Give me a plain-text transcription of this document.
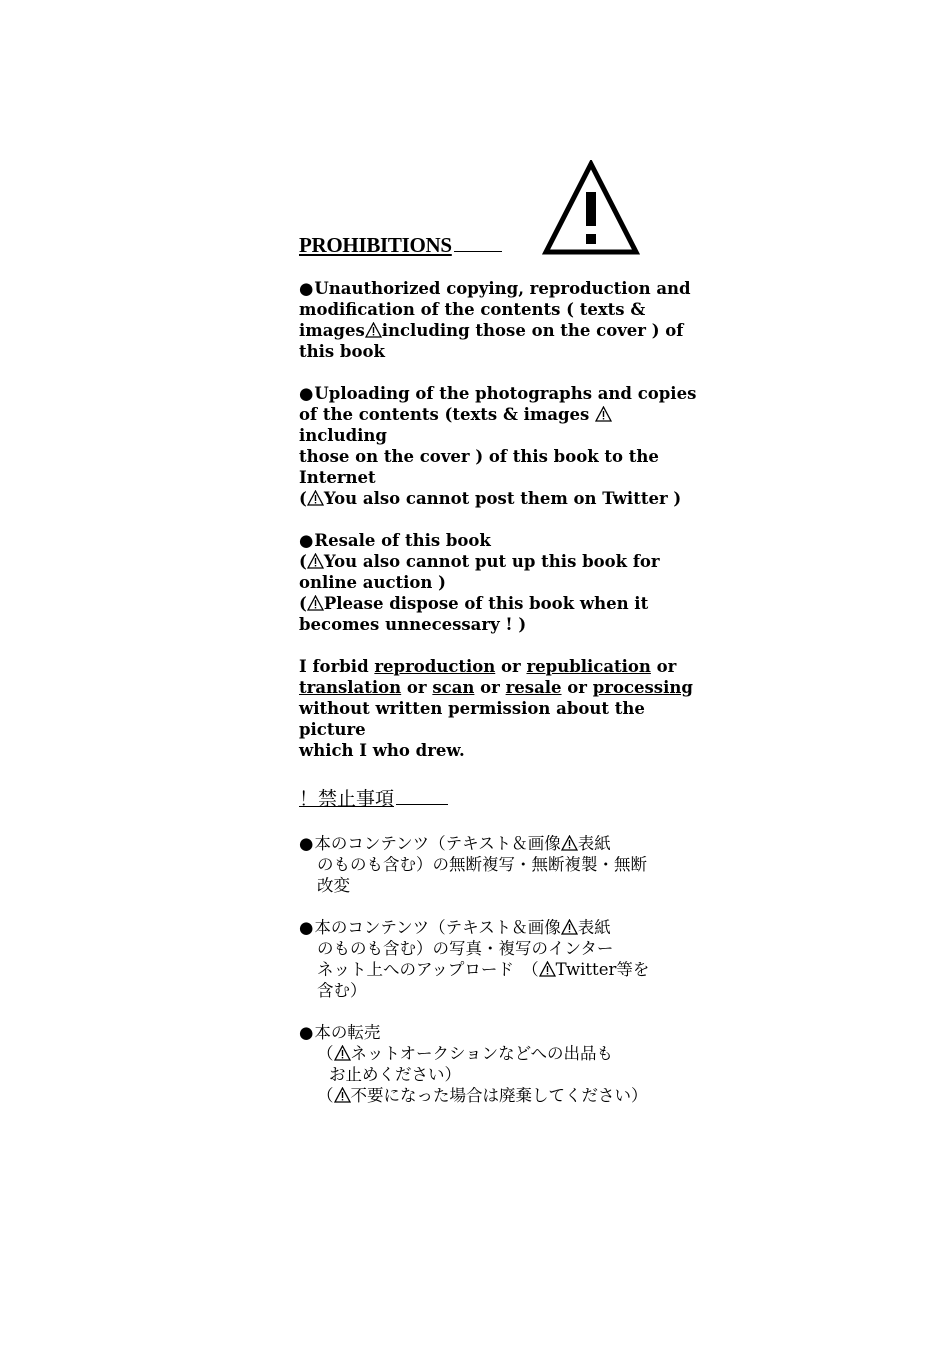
PROHIBITIONS

●Unauthorized copying, reproduction and

modification of the contents ( texts &

images including those on the cover ) of

this book

●Uploading of the photographs and copies

of the contents (texts & images  including

those on the cover ) of this book to the

Internet

( You also cannot post them on Twitter )

●Resale of this book

( You also cannot put up this book for

online auction )

( Please dispose of this book when it

becomes unnecessary ! )

I forbid reproduction or republication or

translation or scan or resale or processing

without written permission about the picture

which I who drew.

！禁止事項

●本のコンテンツ（テキスト＆画像 表紙

のものも含む）の無断複写・無断複製・無断

改変

●本のコンテンツ（テキスト＆画像 表紙

のものも含む）の写真・複写のインター

ネット上へのアップロード　（ Twitter等を

含む）

●本の転売

（ ネットオークションなどへの出品も

お止めください）

（ 不要になった場合は廃棄してください）
